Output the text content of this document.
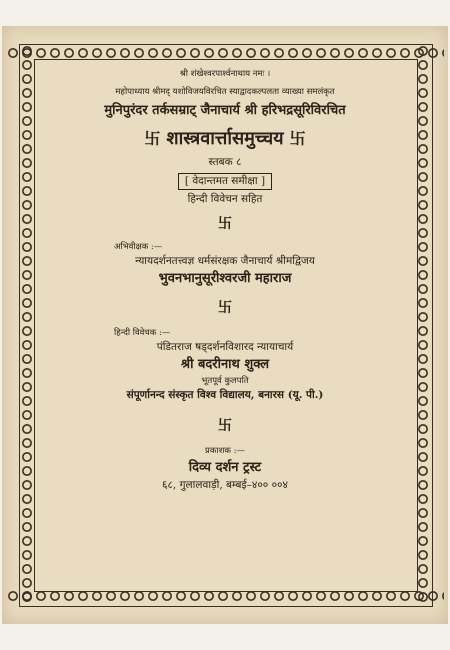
श्री शंखेश्वरपार्श्वनाथाय नमः ।
महोपाध्याय श्रीमद् यशोविजयविरचित स्याद्वादकल्पलता व्याख्या समलंकृत
मुनिपुरंदर तर्कसम्राट् जैनाचार्य श्री हरिभद्रसूरिविरचित
卐 शास्त्रवार्त्तासमुच्चय 卐
स्तबक ८
[ वेदान्तमत समीक्षा ]
हिन्दी विवेचन सहित
卐
अभिवीक्षक :—
न्यायदर्शनतत्त्वज्ञ धर्मसंरक्षक जैनाचार्य श्रीमद्विजय
भुवनभानुसूरीश्वरजी महाराज
卐
हिन्दी विवेचक :—
पंडितराज षड्दर्शनविशारद न्यायाचार्य
श्री बदरीनाथ शुक्ल
भूतपूर्व कुलपति
संपूर्णानन्द संस्कृत विश्व विद्यालय, बनारस (यू. पी.)
卐
प्रकाशक :—
दिव्य दर्शन ट्रस्ट
६८, गुलालवाड़ी, बम्बई–४०० ००४
